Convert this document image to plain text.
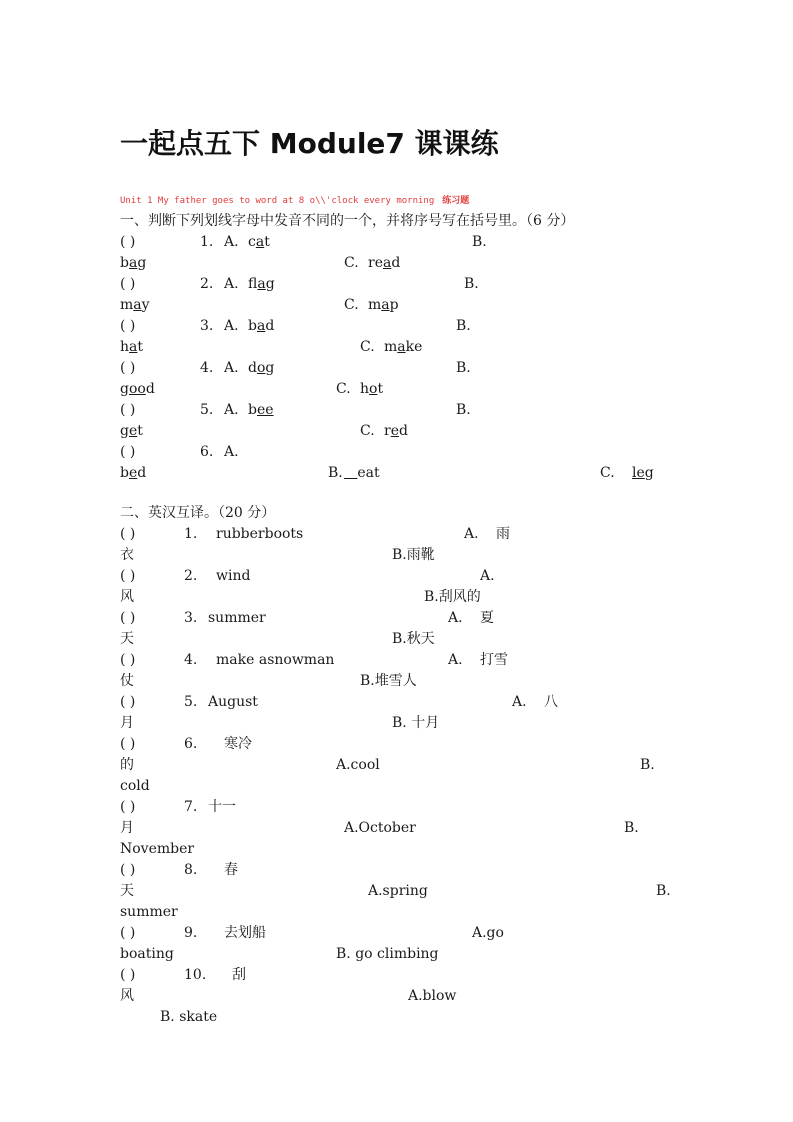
一起点五下 Module7 课课练
Unit 1 My father goes to word at 8 o\\'clock every morning 练习题
一、判断下列划线字母中发音不同的一个，并将序号写在括号里。（6 分）
( )	1. A. cat	B.
bag	C. read
( )	2. A. flag	B.
may	C. map
( )	3. A. bad	B.
hat	C. make
( )	4. A. dog	B.
good	C. hot
( )	5. A. bee	B.
get	C. red
( )	6. A.
bed	B.	eat	C. leg
二、英汉互译。（20 分）
( )	1. rubberboots	A. 雨
衣	B.雨靴
( )	2. wind	A.
风	B.刮风的
( )	3. summer	A. 夏
天	B.秋天
( )	4. make asnowman	A. 打雪
仗	B.堆雪人
( )	5. August	A. 八
月	B. 十月
( )	6. 寒冷
的	A.cool	B.
cold
( )	7. 十一
月	A.October	B.
November
( )	8. 春
天	A.spring	B.
summer
( )	9. 去划船	A.go
boating	B. go climbing
( )	10. 刮
风	A.blow
B. skate
